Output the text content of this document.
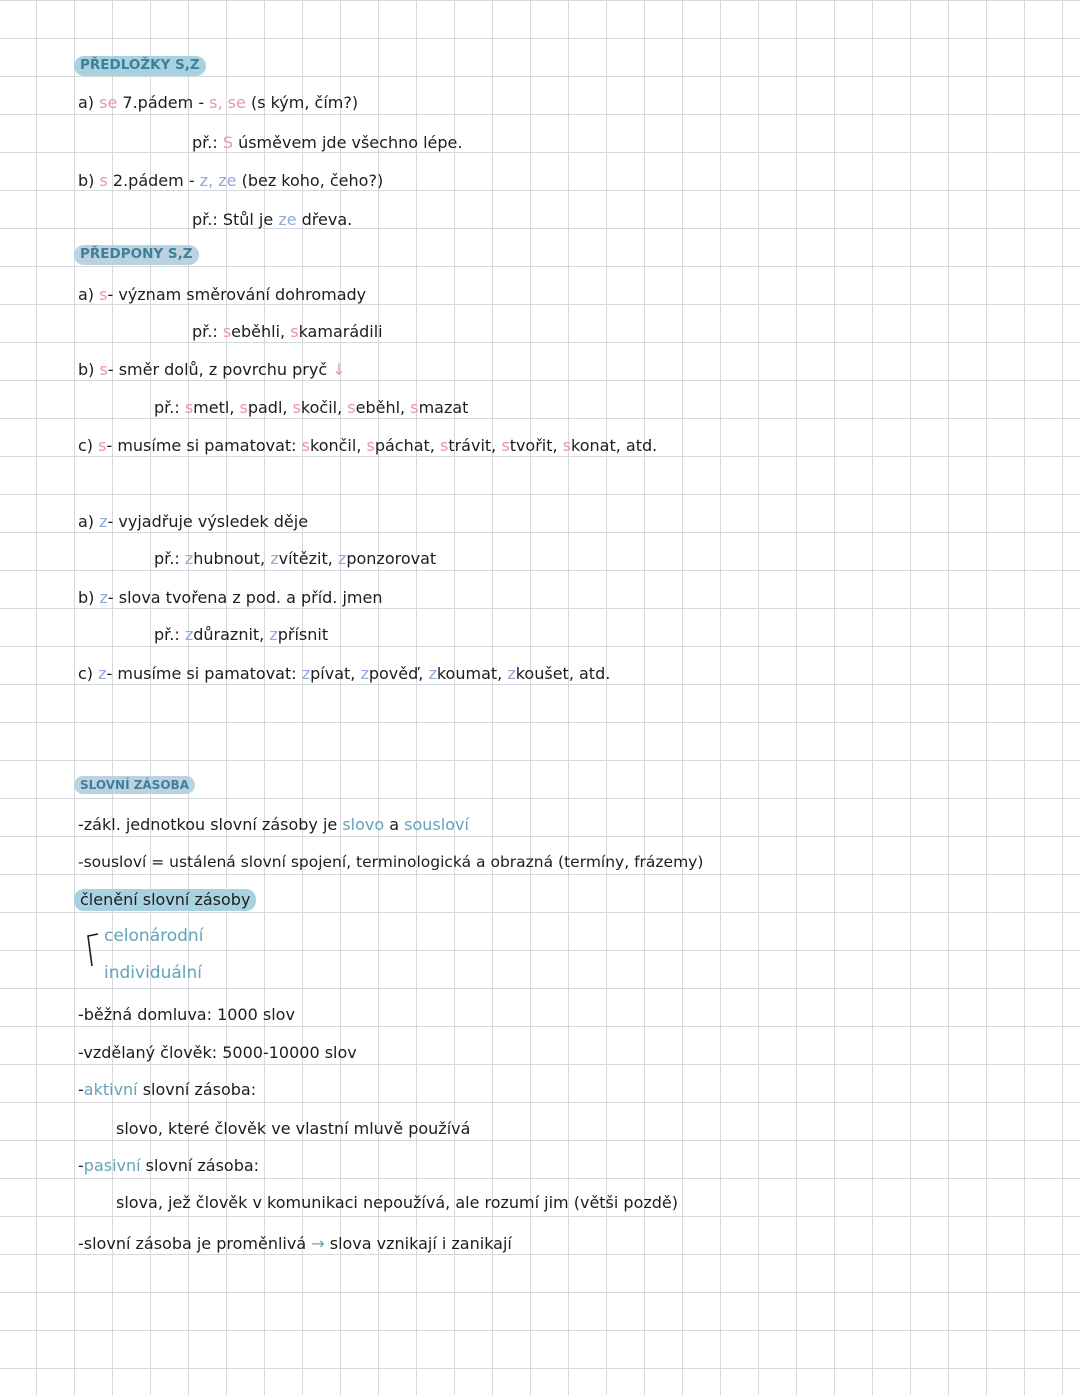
PŘEDLOŽKY S,Z
a) se 7.pádem - s, se (s kým, čím?)
př.: S úsměvem jde všechno lépe.
b) s 2.pádem - z, ze (bez koho, čeho?)
př.: Stůl je ze dřeva.
PŘEDPONY S,Z
a) s- význam směrování dohromady
př.: seběhli, skamarádili
b) s- směr dolů, z povrchu pryč ↓
př.: smetl, spadl, skočil, seběhl, smazat
c) s- musíme si pamatovat: skončil, spáchat, strávit, stvořit, skonat, atd.
a) z- vyjadřuje výsledek děje
př.: zhubnout, zvítězit, zponzorovat
b) z- slova tvořena z pod. a příd. jmen
př.: zdůraznit, zpřísnit
c) z- musíme si pamatovat: zpívat, zpověď, zkoumat, zkoušet, atd.
SLOVNÍ ZÁSOBA
-zákl. jednotkou slovní zásoby je slovo a sousloví
-sousloví = ustálená slovní spojení, terminologická a obrazná (termíny, frázemy)
členění slovní zásoby
celonárodní
individuální
-běžná domluva: 1000 slov
-vzdělaný člověk: 5000-10000 slov
-aktivní slovní zásoba:
slovo, které člověk ve vlastní mluvě používá
-pasivní slovní zásoba:
slova, jež člověk v komunikaci nepoužívá, ale rozumí jim (větši pozdě)
-slovní zásoba je proměnlivá → slova vznikají i zanikají
